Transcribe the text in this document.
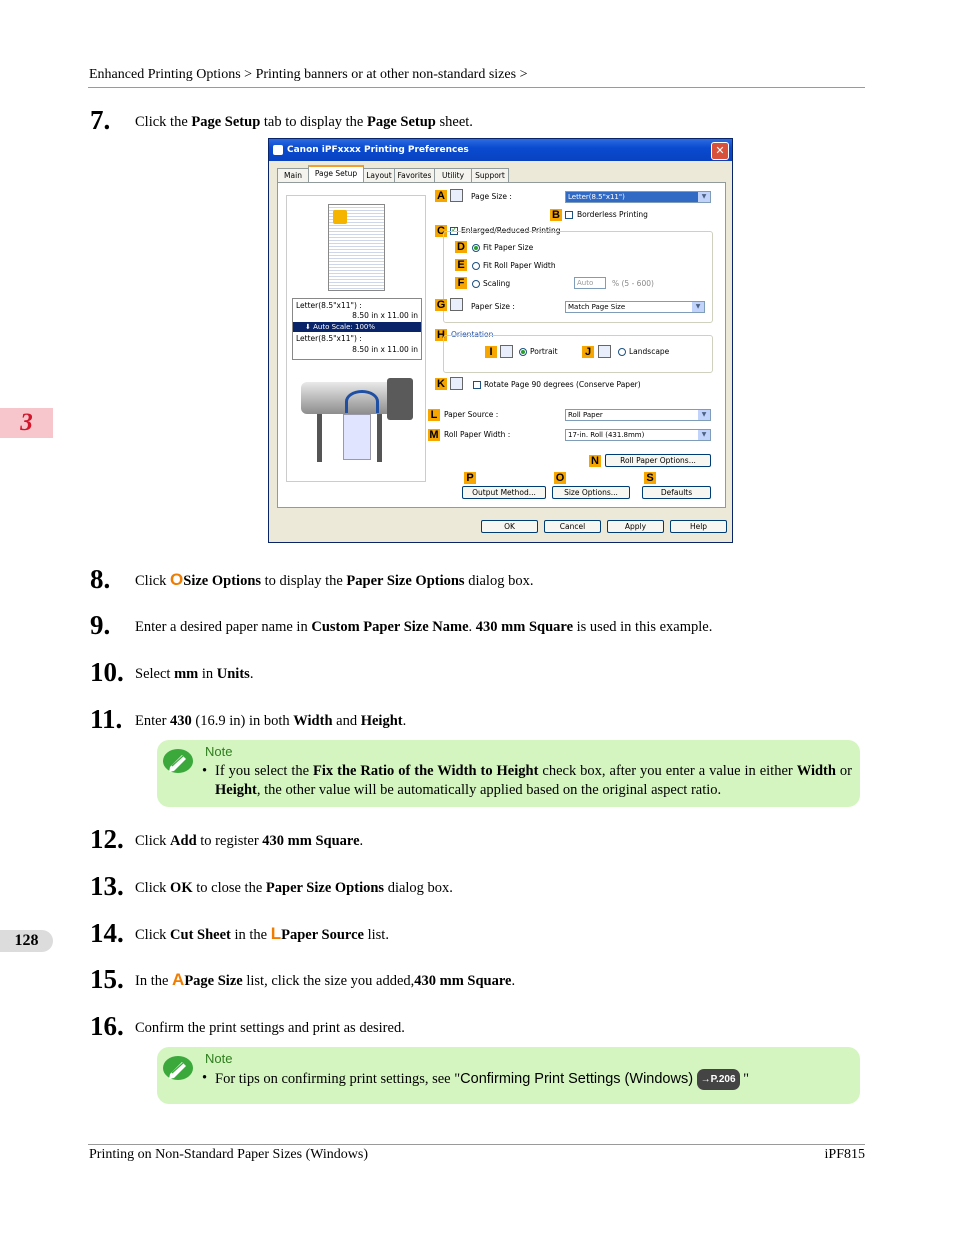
Enhanced Printing Options > Printing banners or at other non-standard sizes >
3
128
7. Click the Page Setup tab to display the Page Setup sheet.
Canon iPFxxxx Printing Preferences	✕
Main	Page Setup	Layout Favorites	Utility	Support
Letter(8.5"x11") :
8.50 in x 11.00 in
⬇ Auto Scale: 100%
Letter(8.5"x11") :
8.50 in x 11.00 in
A	Page Size :	Letter(8.5"x11")	▼
B Borderless Printing
C ✓ Enlarged/Reduced Printing
D Fit Paper Size
E	Fit Roll Paper Width
F	Scaling	Auto	% (5 - 600)
G	Paper Size :	Match Page Size	▼
H Orientation
I	Portrait J	Landscape
K	Rotate Page 90 degrees (Conserve Paper)
L Paper Source :	Roll Paper	▼
M Roll Paper Width :	17-in. Roll (431.8mm)	▼
N	Roll Paper Options...
P	O	S
Output Method...	Size Options...	Defaults
OK	Cancel	Apply	Help
8. Click OSize Options to display the Paper Size Options dialog box.
9. Enter a desired paper name in Custom Paper Size Name. 430 mm Square is used in this example.
10. Select mm in Units.
11. Enter 430 (16.9 in) in both Width and Height.
Note
• If you select the Fix the Ratio of the Width to Height check box, after you enter a value in either Width or Height, the other value will be automatically applied based on the original aspect ratio.
12. Click Add to register 430 mm Square.
13. Click OK to close the Paper Size Options dialog box.
14. Click Cut Sheet in the LPaper Source list.
15. In the APage Size list, click the size you added,430 mm Square.
16. Confirm the print settings and print as desired.
Note
• For tips on confirming print settings, see "Confirming Print Settings (Windows) →P.206 "
Printing on Non-Standard Paper Sizes (Windows)	iPF815
